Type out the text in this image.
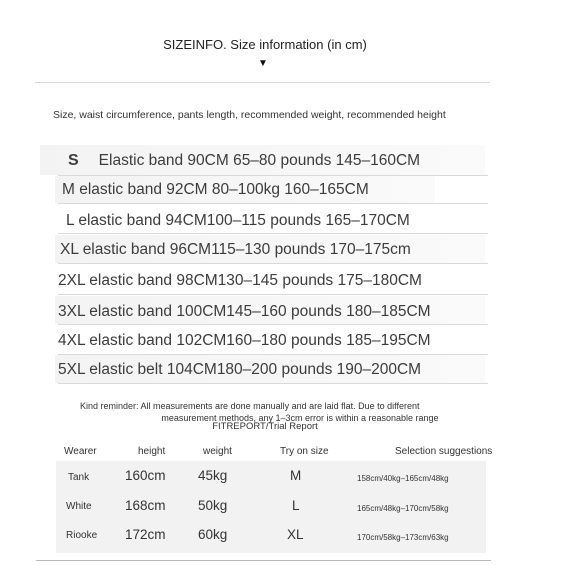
SIZEINFO. Size information (in cm)
▼
Size, waist circumference, pants length, recommended weight, recommended height
S Elastic band 90CM 65–80 pounds 145–160CM
M elastic band 92CM 80–100kg 160–165CM
L elastic band 94CM100–115 pounds 165–170CM
XL elastic band 96CM115–130 pounds 170–175cm
2XL elastic band 98CM130–145 pounds 175–180CM
3XL elastic band 100CM145–160 pounds 180–185CM
4XL elastic band 102CM160–180 pounds 185–195CM
5XL elastic belt 104CM180–200 pounds 190–200CM
Kind reminder: All measurements are done manually and are laid flat. Due to different
measurement methods, any 1–3cm error is within a reasonable range
FITREPORT/Trial Report
Wearer	height	weight	Try on size	Selection suggestions
Tank	160cm 45kg	M	158cm/40kg–165cm/48kg
White 168cm 50kg	L	165cm/48kg–170cm/58kg
Riooke 172cm 60kg	XL	170cm/58kg–173cm/63kg
